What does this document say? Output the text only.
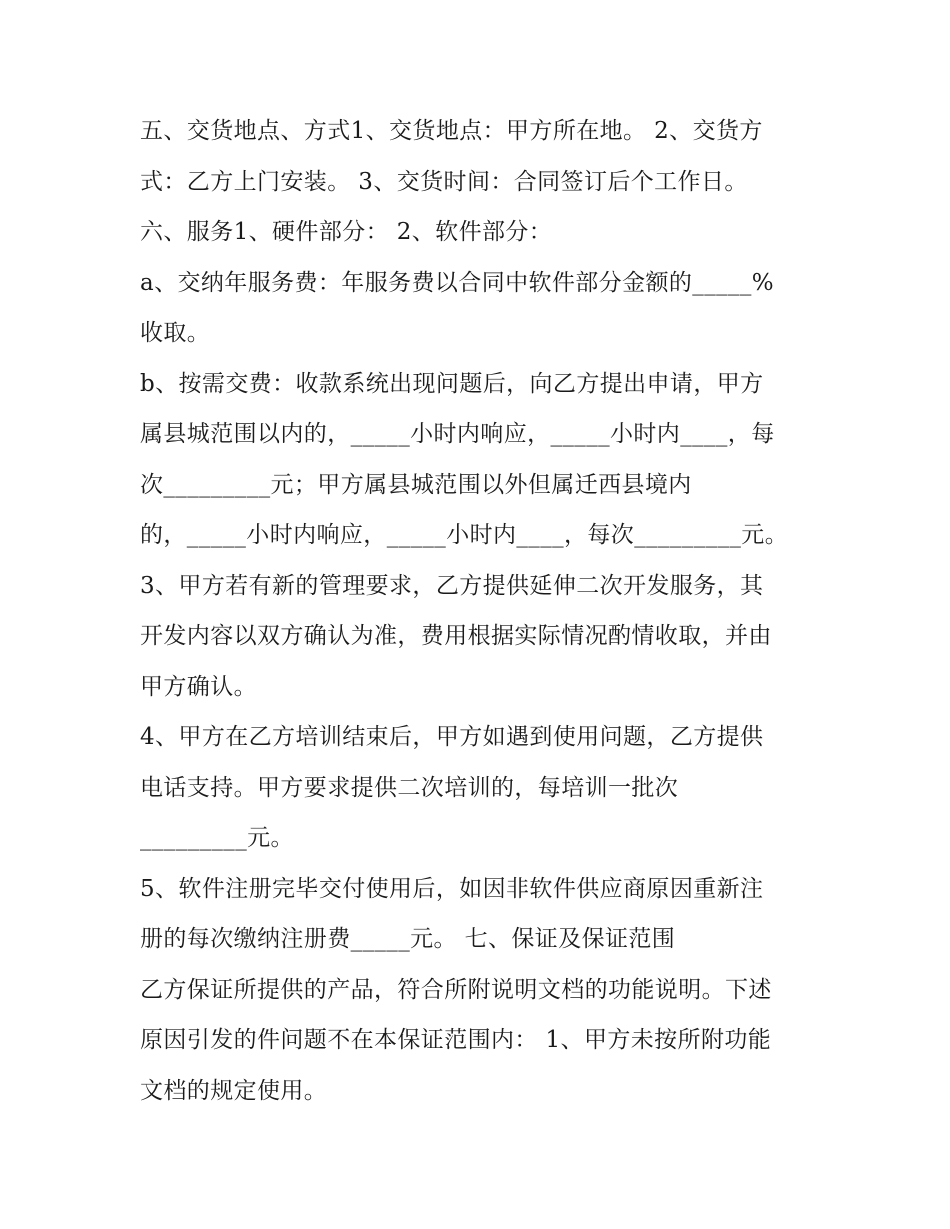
五、交货地点、方式1、交货地点：甲方所在地。 2、交货方
式：乙方上门安装。 3、交货时间：合同签订后个工作日。
六、服务1、硬件部分： 2、软件部分：
a、交纳年服务费：年服务费以合同中软件部分金额的_____%
收取。
b、按需交费：收款系统出现问题后，向乙方提出申请，甲方
属县城范围以内的，_____小时内响应，_____小时内____，每
次_________元；甲方属县城范围以外但属迁西县境内
的，_____小时内响应，_____小时内____，每次_________元。
3、甲方若有新的管理要求，乙方提供延伸二次开发服务，其
开发内容以双方确认为准，费用根据实际情况酌情收取，并由
甲方确认。
4、甲方在乙方培训结束后，甲方如遇到使用问题，乙方提供
电话支持。甲方要求提供二次培训的，每培训一批次
_________元。
5、软件注册完毕交付使用后，如因非软件供应商原因重新注
册的每次缴纳注册费_____元。 七、保证及保证范围
乙方保证所提供的产品，符合所附说明文档的功能说明。下述
原因引发的件问题不在本保证范围内： 1、甲方未按所附功能
文档的规定使用。
